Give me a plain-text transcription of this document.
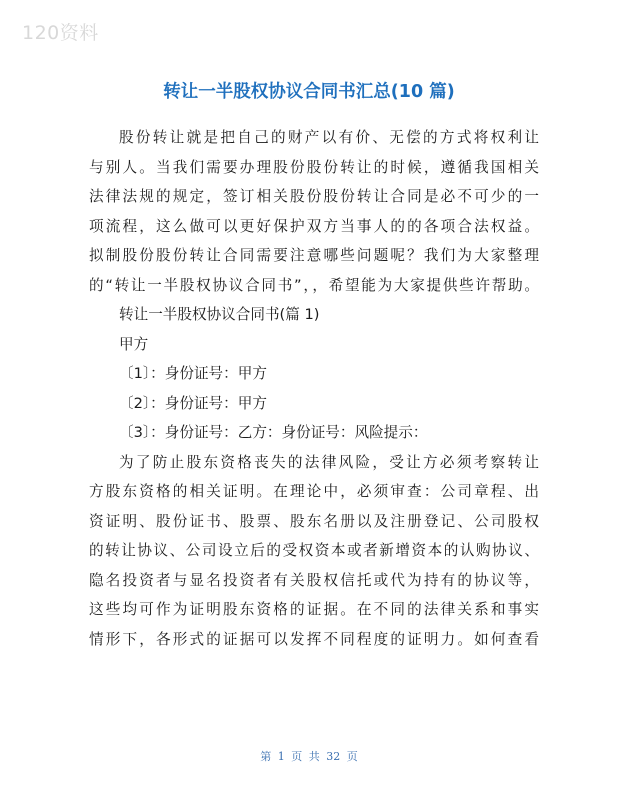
120资料
转让一半股权协议合同书汇总(10 篇)
股份转让就是把自己的财产以有价、无偿的方式将权利让
与别人。当我们需要办理股份股份转让的时候，遵循我国相关
法律法规的规定，签订相关股份股份转让合同是必不可少的一
项流程，这么做可以更好保护双方当事人的的各项合法权益。
拟制股份股份转让合同需要注意哪些问题呢？我们为大家整理
的“转让一半股权协议合同书”，，希望能为大家提供些许帮助。
转让一半股权协议合同书(篇 1)
甲方
〔1〕：身份证号：甲方
〔2〕：身份证号：甲方
〔3〕：身份证号：乙方：身份证号：风险提示：
为了防止股东资格丧失的法律风险，受让方必须考察转让
方股东资格的相关证明。在理论中，必须审查：公司章程、出
资证明、股份证书、股票、股东名册以及注册登记、公司股权
的转让协议、公司设立后的受权资本或者新增资本的认购协议、
隐名投资者与显名投资者有关股权信托或代为持有的协议等，
这些均可作为证明股东资格的证据。在不同的法律关系和事实
情形下，各形式的证据可以发挥不同程度的证明力。如何查看
第 1 页 共 32 页
